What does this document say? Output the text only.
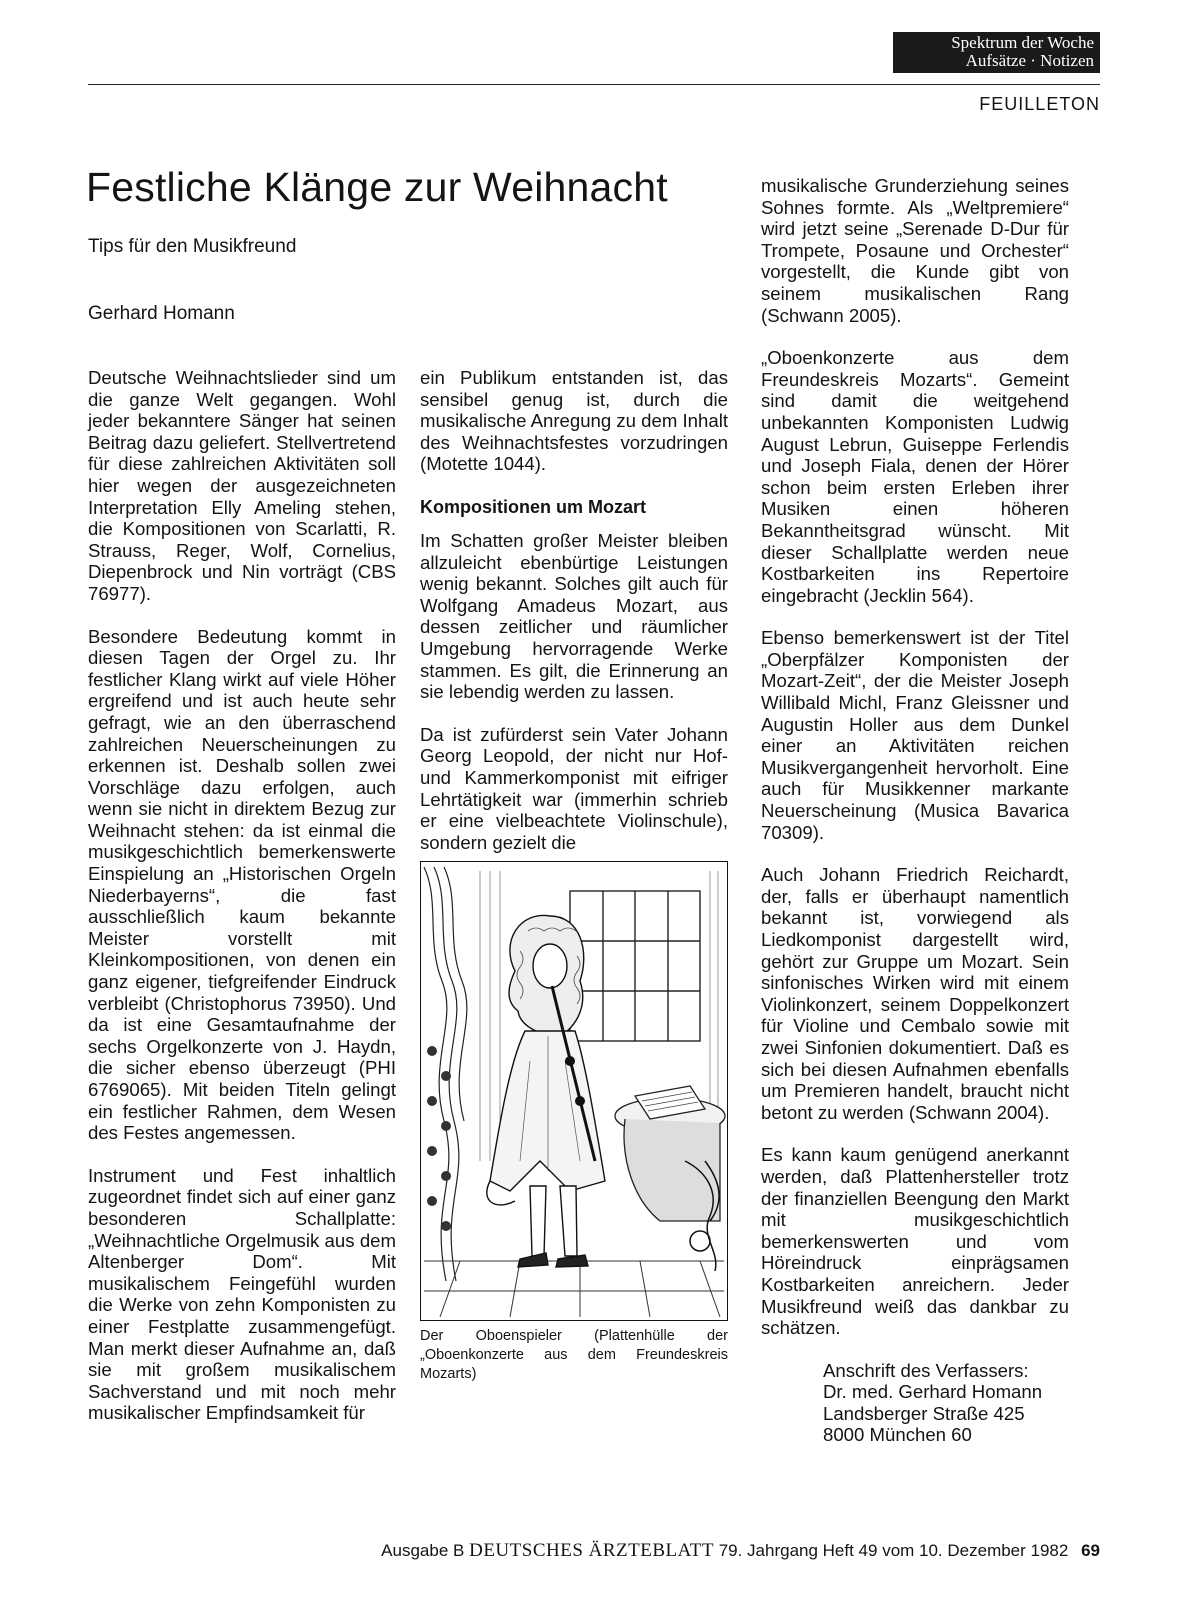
Spektrum der Woche
Aufsätze · Notizen
FEUILLETON
Festliche Klänge zur Weihnacht
Tips für den Musikfreund
Gerhard Homann

Deutsche Weihnachtslieder sind um die ganze Welt gegangen. Wohl jeder bekanntere Sänger hat seinen Beitrag dazu geliefert. Stellvertretend für diese zahlreichen Aktivitäten soll hier wegen der ausgezeichneten Interpretation Elly Ameling stehen, die Kompositionen von Scarlatti, R. Strauss, Reger, Wolf, Cornelius, Diepenbrock und Nin vorträgt (CBS 76977).

Besondere Bedeutung kommt in diesen Tagen der Orgel zu. Ihr festlicher Klang wirkt auf viele Höher ergreifend und ist auch heute sehr gefragt, wie an den überraschend zahlreichen Neuerscheinungen zu erkennen ist. Deshalb sollen zwei Vorschläge dazu erfolgen, auch wenn sie nicht in direktem Bezug zur Weihnacht stehen: da ist einmal die musikgeschichtlich bemerkenswerte Einspielung an „Historischen Orgeln Niederbayerns“, die fast ausschließlich kaum bekannte Meister vorstellt mit Kleinkompositionen, von denen ein ganz eigener, tiefgreifender Eindruck verbleibt (Christophorus 73950). Und da ist eine Gesamtaufnahme der sechs Orgelkonzerte von J. Haydn, die sicher ebenso überzeugt (PHI 6769065). Mit beiden Titeln gelingt ein festlicher Rahmen, dem Wesen des Festes angemessen.

Instrument und Fest inhaltlich zugeordnet findet sich auf einer ganz besonderen Schallplatte: „Weihnachtliche Orgelmusik aus dem Altenberger Dom“. Mit musikalischem Feingefühl wurden die Werke von zehn Komponisten zu einer Festplatte zusammengefügt. Man merkt dieser Aufnahme an, daß sie mit großem musikalischem Sachverstand und mit noch mehr musikalischer Empfindsamkeit für

ein Publikum entstanden ist, das sensibel genug ist, durch die musikalische Anregung zu dem Inhalt des Weihnachtsfestes vorzudringen (Motette 1044).

Kompositionen um Mozart

Im Schatten großer Meister bleiben allzuleicht ebenbürtige Leistungen wenig bekannt. Solches gilt auch für Wolfgang Amadeus Mozart, aus dessen zeitlicher und räumlicher Umgebung hervorragende Werke stammen. Es gilt, die Erinnerung an sie lebendig werden zu lassen.

Da ist zufürderst sein Vater Johann Georg Leopold, der nicht nur Hof- und Kammerkomponist mit eifriger Lehrtätigkeit war (immerhin schrieb er eine vielbeachtete Violinschule), sondern gezielt die

Der Oboenspieler (Plattenhülle der „Oboenkonzerte aus dem Freundeskreis Mozarts)

musikalische Grunderziehung seines Sohnes formte. Als „Weltpremiere“ wird jetzt seine „Serenade D-Dur für Trompete, Posaune und Orchester“ vorgestellt, die Kunde gibt von seinem musikalischen Rang (Schwann 2005).

„Oboenkonzerte aus dem Freundeskreis Mozarts“. Gemeint sind damit die weitgehend unbekannten Komponisten Ludwig August Lebrun, Guiseppe Ferlendis und Joseph Fiala, denen der Hörer schon beim ersten Erleben ihrer Musiken einen höheren Bekanntheitsgrad wünscht. Mit dieser Schallplatte werden neue Kostbarkeiten ins Repertoire eingebracht (Jecklin 564).

Ebenso bemerkenswert ist der Titel „Oberpfälzer Komponisten der Mozart-Zeit“, der die Meister Joseph Willibald Michl, Franz Gleissner und Augustin Holler aus dem Dunkel einer an Aktivitäten reichen Musikvergangenheit hervorholt. Eine auch für Musikkenner markante Neuerscheinung (Musica Bavarica 70309).

Auch Johann Friedrich Reichardt, der, falls er überhaupt namentlich bekannt ist, vorwiegend als Liedkomponist dargestellt wird, gehört zur Gruppe um Mozart. Sein sinfonisches Wirken wird mit einem Violinkonzert, seinem Doppelkonzert für Violine und Cembalo sowie mit zwei Sinfonien dokumentiert. Daß es sich bei diesen Aufnahmen ebenfalls um Premieren handelt, braucht nicht betont zu werden (Schwann 2004).

Es kann kaum genügend anerkannt werden, daß Plattenhersteller trotz der finanziellen Beengung den Markt mit musikgeschichtlich bemerkenswerten und vom Höreindruck einprägsamen Kostbarkeiten anreichern. Jeder Musikfreund weiß das dankbar zu schätzen.

Anschrift des Verfassers:
Dr. med. Gerhard Homann
Landsberger Straße 425
8000 München 60
Ausgabe B DEUTSCHES ÄRZTEBLATT 79. Jahrgang Heft 49 vom 10. Dezember 1982 69
